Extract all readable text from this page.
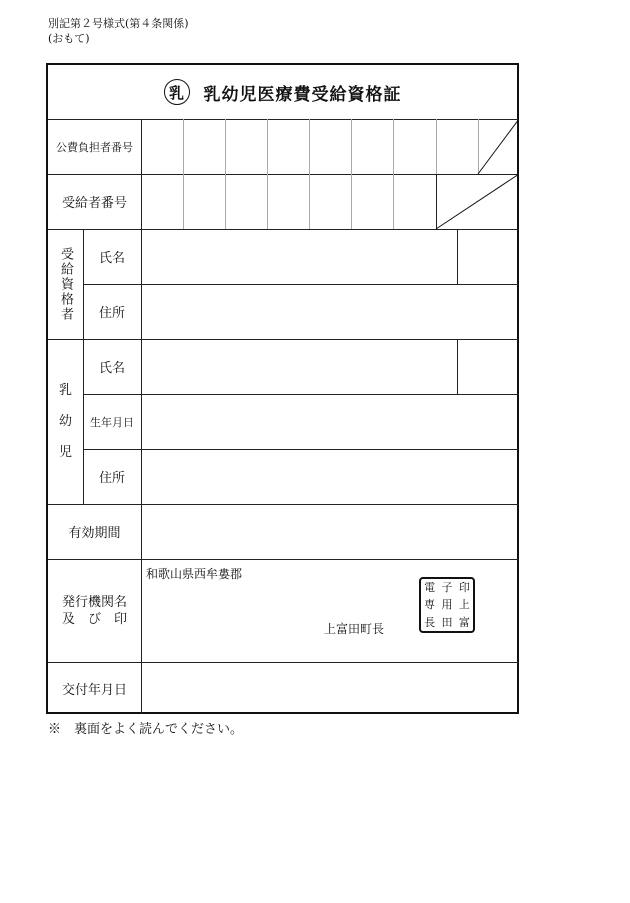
別記第２号様式(第４条関係)
(おもて)
乳	乳幼児医療費受給資格証
公費負担者番号
受給者番号
受給資格者	氏名
住所
乳
幼
児
氏名
生年月日
住所
有効期間
発行機関名
及　び　印
交付年月日
和歌山県西牟婁郡
上富田町長
電 子 印
専 用 上
長 田 富
※　裏面をよく読んでください。
